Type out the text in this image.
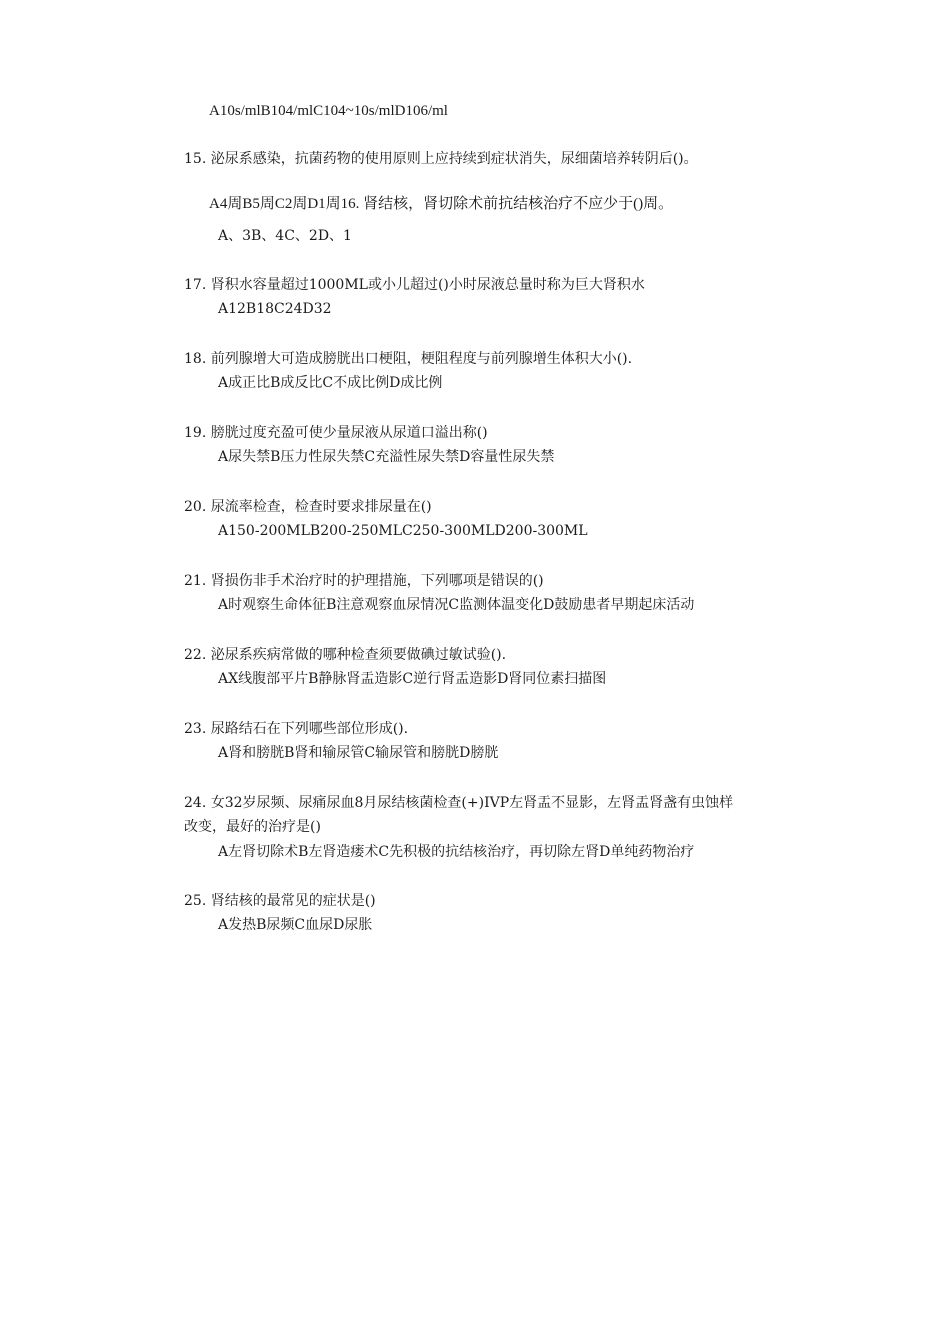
A10s/mlB104/mlC104~10s/mlD106/ml
15. 泌尿系感染，抗菌药物的使用原则上应持续到症状消失，尿细菌培养转阴后()。
A4周B5周C2周D1周16. 肾结核，肾切除术前抗结核治疗不应少于()周。
A、3B、4C、2D、1
17. 肾积水容量超过1000ML或小儿超过()小时尿液总量时称为巨大肾积水
A12B18C24D32
18. 前列腺增大可造成膀胱出口梗阻，梗阻程度与前列腺增生体积大小().
A成正比B成反比C不成比例D成比例
19. 膀胱过度充盈可使少量尿液从尿道口溢出称()
A尿失禁B压力性尿失禁C充溢性尿失禁D容量性尿失禁
20. 尿流率检查，检查时要求排尿量在()
A150-200MLB200-250MLC250-300MLD200-300ML
21. 肾损伤非手术治疗时的护理措施，下列哪项是错误的()
A时观察生命体征B注意观察血尿情况C监测体温变化D鼓励患者早期起床活动
22. 泌尿系疾病常做的哪种检查须要做碘过敏试验().
AX线腹部平片B静脉肾盂造影C逆行肾盂造影D肾同位素扫描图
23. 尿路结石在下列哪些部位形成().
A肾和膀胱B肾和输尿管C输尿管和膀胱D膀胱
24. 女32岁尿频、尿痛尿血8月尿结核菌检查(+)IVP左肾盂不显影，左肾盂肾盏有虫蚀样
改变，最好的治疗是()
A左肾切除术B左肾造瘘术C先积极的抗结核治疗，再切除左肾D单纯药物治疗
25. 肾结核的最常见的症状是()
A发热B尿频C血尿D尿胀
